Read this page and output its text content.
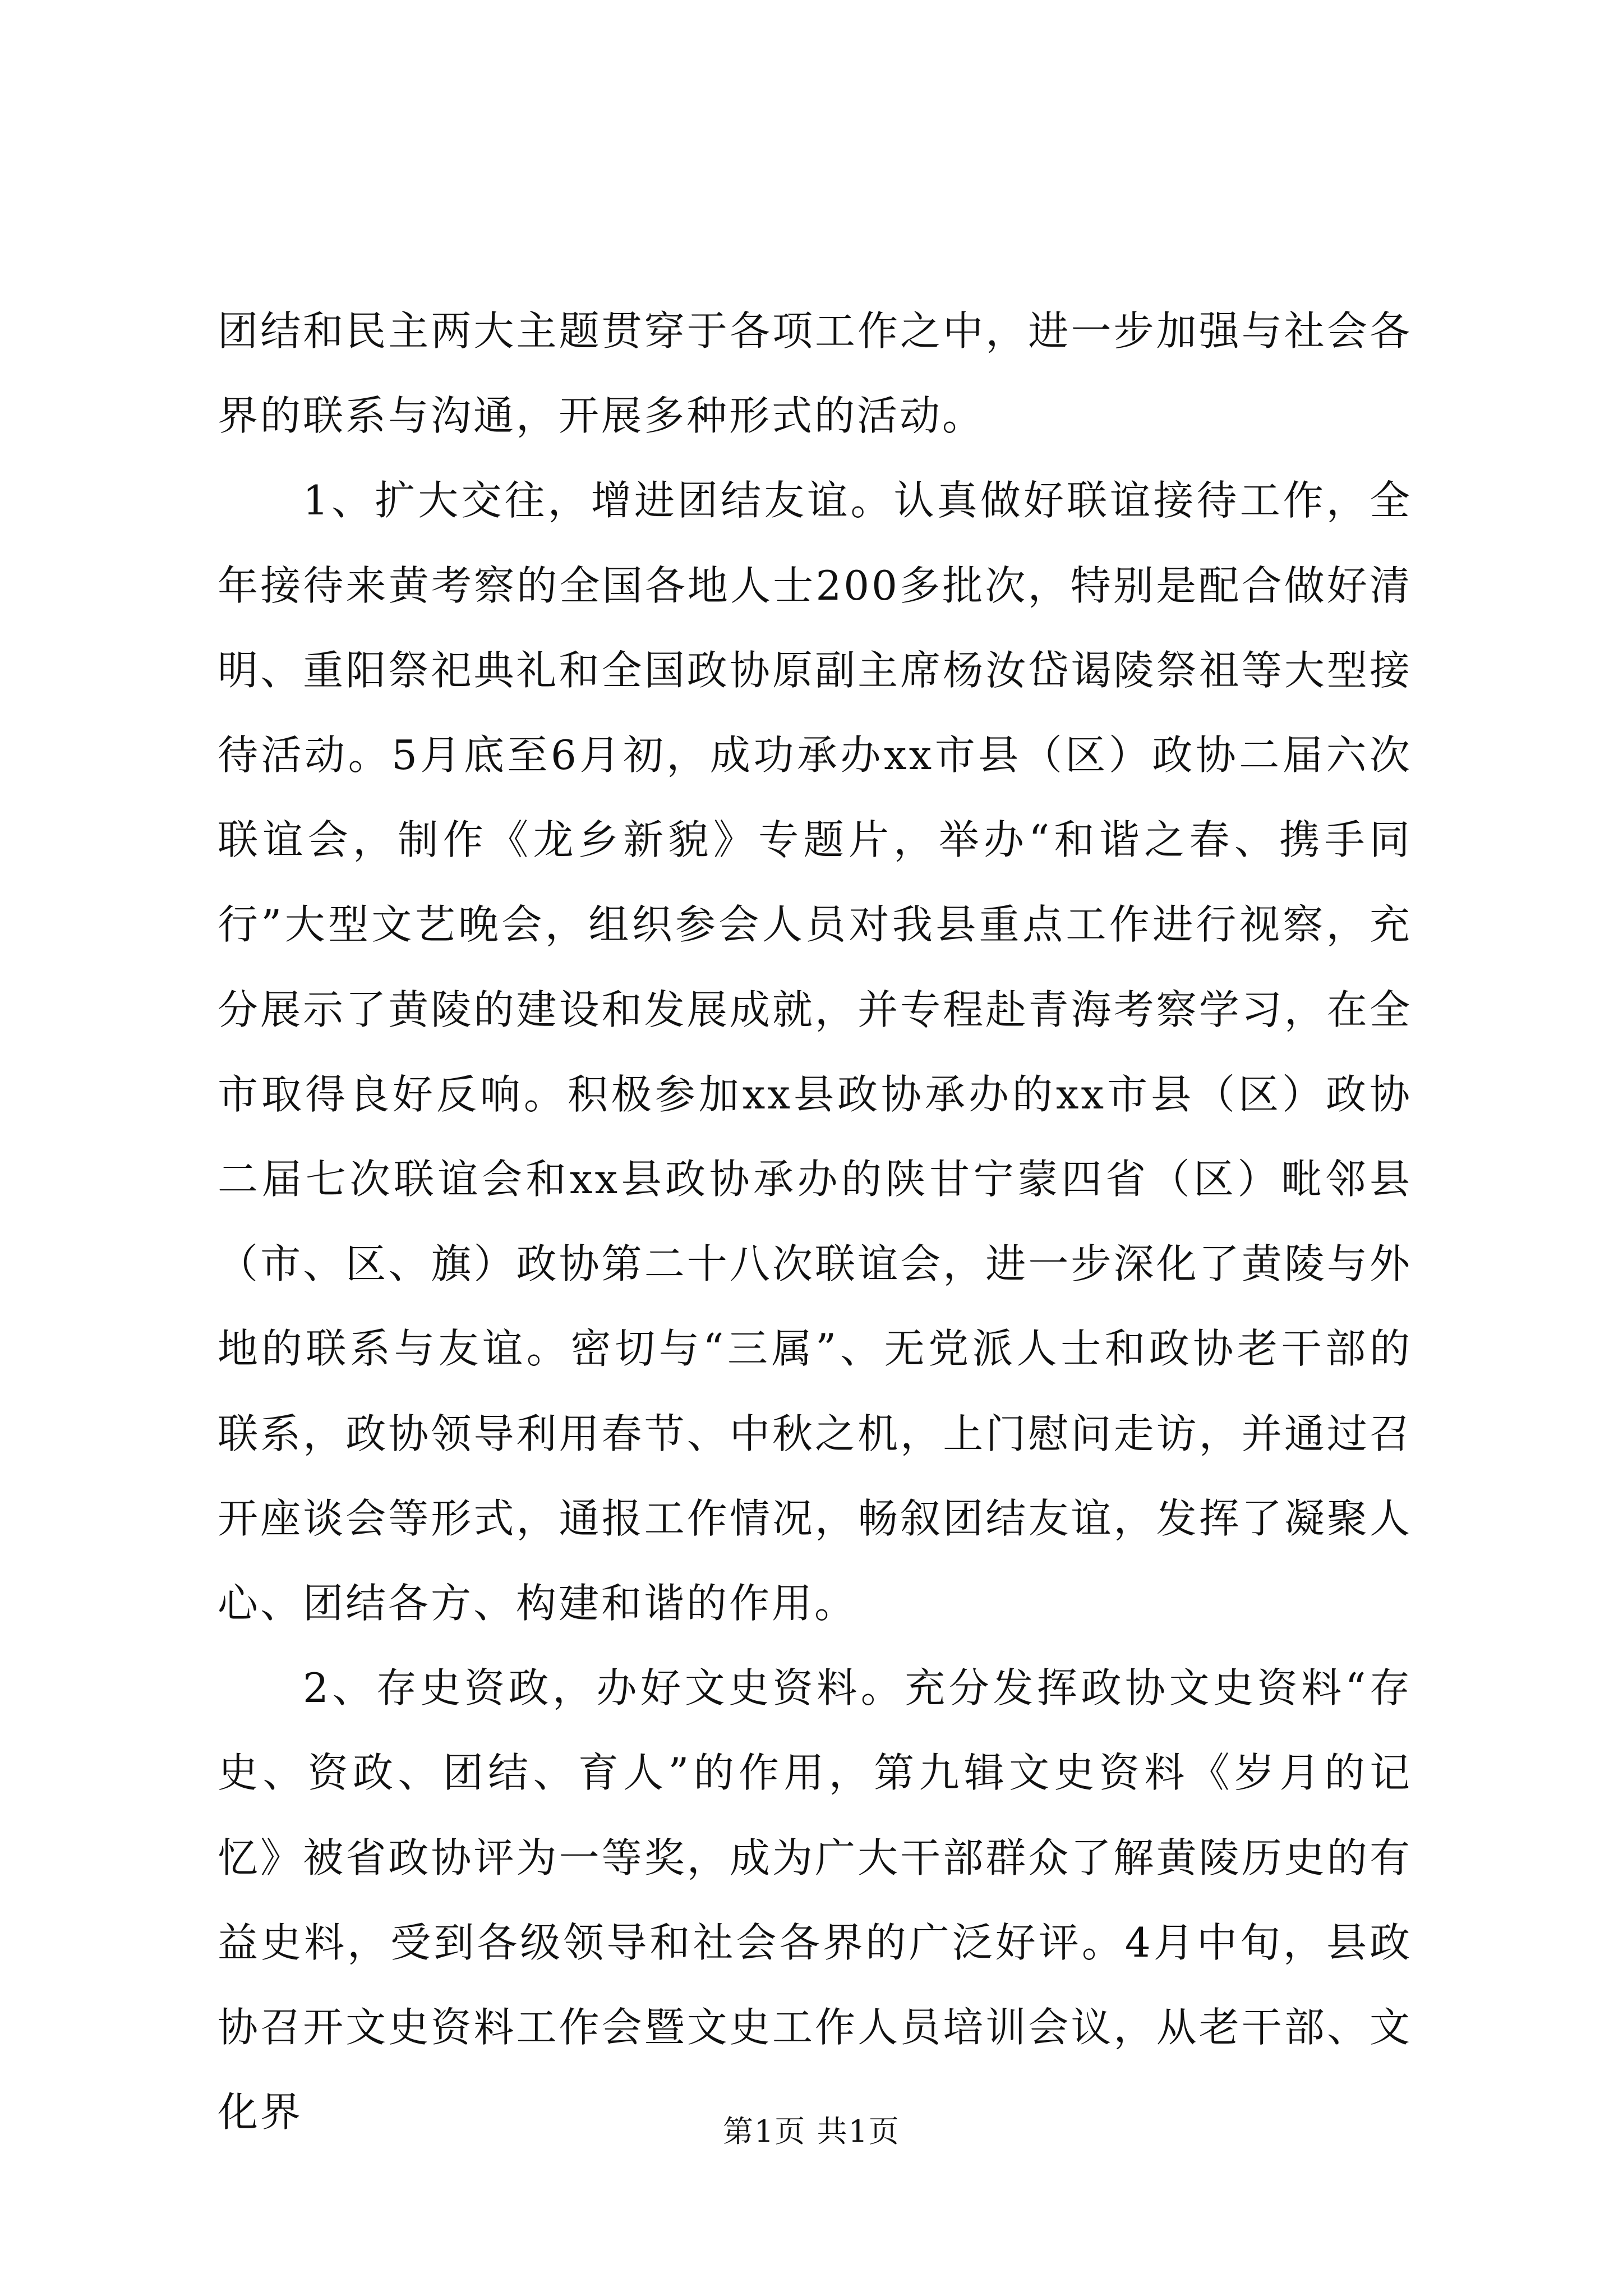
团结和民主两大主题贯穿于各项工作之中，进一步加强与社会各界的联系与沟通，开展多种形式的活动。

1、扩大交往，增进团结友谊。认真做好联谊接待工作，全年接待来黄考察的全国各地人士200多批次，特别是配合做好清明、重阳祭祀典礼和全国政协原副主席杨汝岱谒陵祭祖等大型接待活动。5月底至6月初，成功承办xx市县（区）政协二届六次联谊会，制作《龙乡新貌》专题片，举办“和谐之春、携手同行”大型文艺晚会，组织参会人员对我县重点工作进行视察，充分展示了黄陵的建设和发展成就，并专程赴青海考察学习，在全市取得良好反响。积极参加xx县政协承办的xx市县（区）政协二届七次联谊会和xx县政协承办的陕甘宁蒙四省（区）毗邻县（市、区、旗）政协第二十八次联谊会，进一步深化了黄陵与外地的联系与友谊。密切与“三属”、无党派人士和政协老干部的联系，政协领导利用春节、中秋之机，上门慰问走访，并通过召开座谈会等形式，通报工作情况，畅叙团结友谊，发挥了凝聚人心、团结各方、构建和谐的作用。

2、存史资政，办好文史资料。充分发挥政协文史资料“存史、资政、团结、育人”的作用，第九辑文史资料《岁月的记忆》被省政协评为一等奖，成为广大干部群众了解黄陵历史的有益史料，受到各级领导和社会各界的广泛好评。4月中旬，县政协召开文史资料工作会暨文史工作人员培训会议，从老干部、文化界	第1页 共1页
